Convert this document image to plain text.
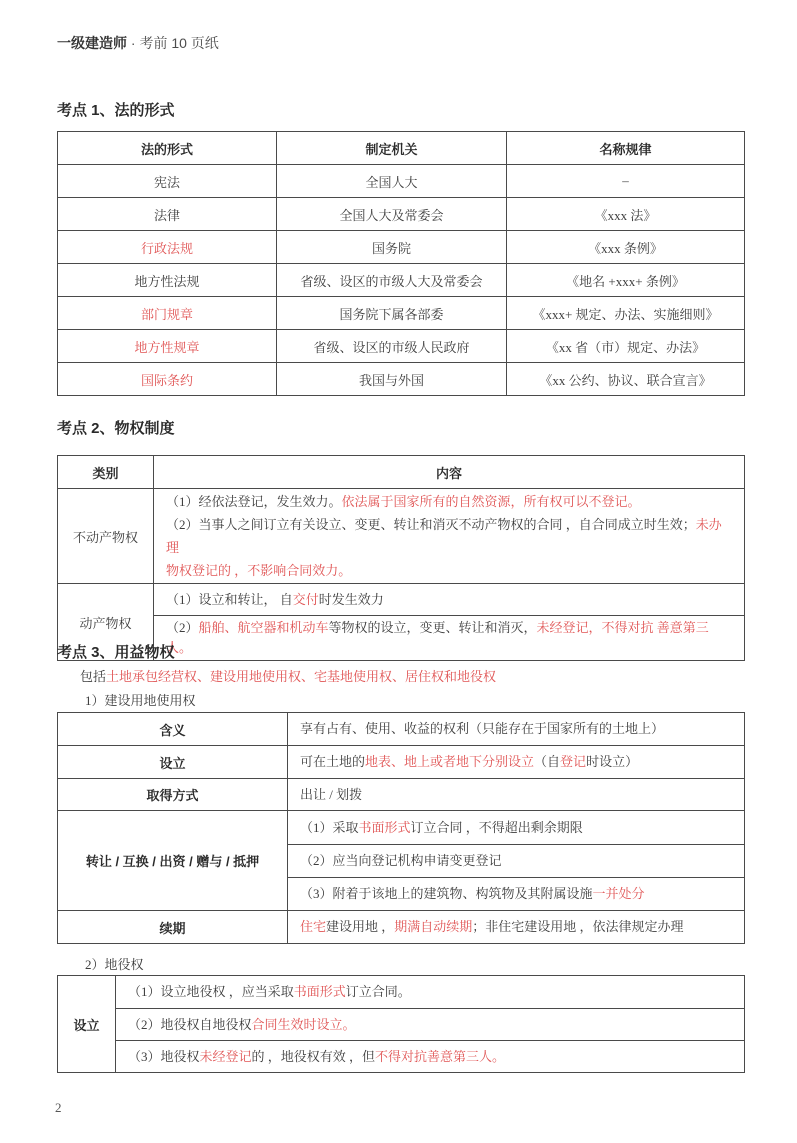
一级建造师 · 考前 10 页纸
考点 1、法的形式
法的形式	制定机关	名称规律
宪法	全国人大	–
法律	全国人大及常委会	《xxx 法》
行政法规	国务院	《xxx 条例》
地方性法规	省级、设区的市级人大及常委会	《地名 +xxx+ 条例》
部门规章	国务院下属各部委	《xxx+ 规定、办法、实施细则》
地方性规章	省级、设区的市级人民政府	《xx 省（市）规定、办法》
国际条约	我国与外国	《xx 公约、协议、联合宣言》
考点 2、物权制度
类别	内容
不动产物权	（1）经依法登记，发生效力。依法属于国家所有的自然资源，所有权可以不登记。
（2）当事人之间订立有关设立、变更、转让和消灭不动产物权的合同 ，自合同成立时生效；未办理
物权登记的 ，不影响合同效力。

动产物权	（1）设立和转让， 自交付时发生效力
	（2）船舶、航空器和机动车等物权的设立，变更、转让和消灭，未经登记，不得对抗 善意第三人。
考点 3、用益物权
包括土地承包经营权、建设用地使用权、宅基地使用权、居住权和地役权
1）建设用地使用权
含义	享有占有、使用、收益的权利（只能存在于国家所有的土地上）
设立	可在土地的地表、地上或者地下分别设立（自登记时设立）
取得方式	出让 / 划拨
转让 / 互换 / 出资 / 赠与 / 抵押	（1）采取书面形式订立合同 ，不得超出剩余期限
	（2）应当向登记机构申请变更登记
	（3）附着于该地上的建筑物、构筑物及其附属设施一并处分
续期	住宅建设用地 ，期满自动续期；非住宅建设用地 ，依法律规定办理
2）地役权
设立	（1）设立地役权 ，应当采取书面形式订立合同。
（2）地役权自地役权合同生效时设立。
（3）地役权未经登记的 ，地役权有效 ，但不得对抗善意第三人。
2
